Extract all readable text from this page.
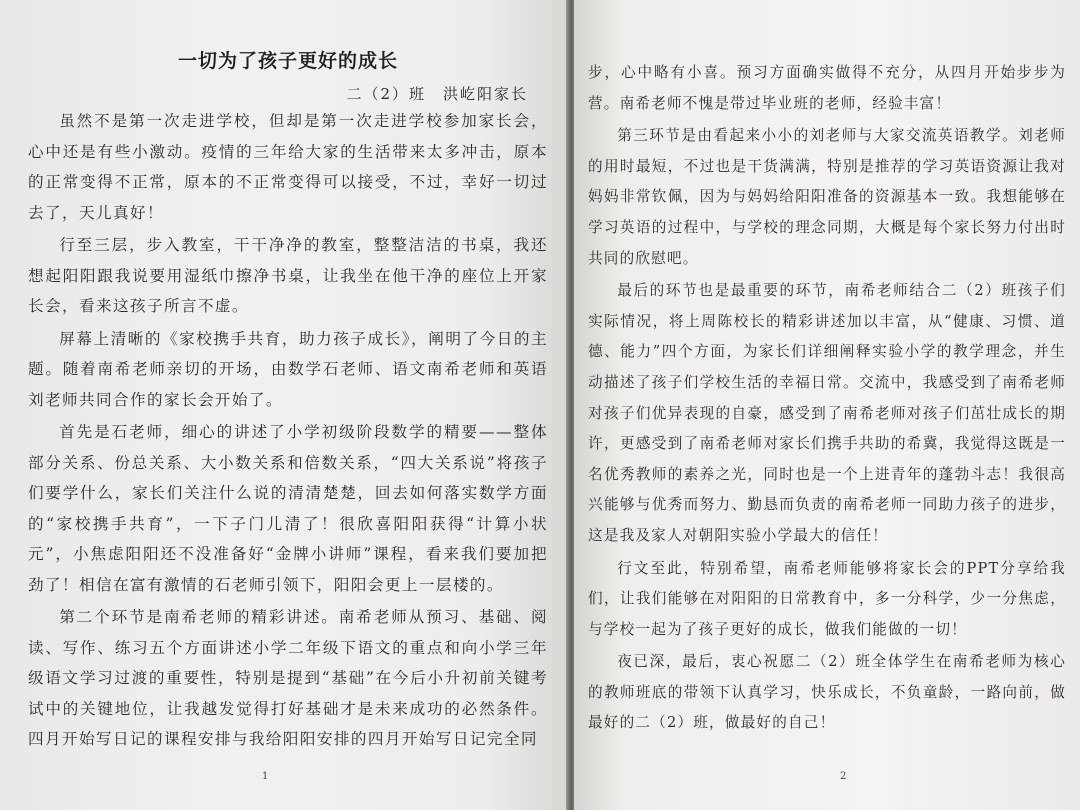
一切为了孩子更好的成长
二（2）班　洪屹阳家长

虽然不是第一次走进学校，但却是第一次走进学校参加家长会，心中还是有些小激动。疫情的三年给大家的生活带来太多冲击，原本的正常变得不正常，原本的不正常变得可以接受，不过，幸好一切过去了，天儿真好！

行至三层，步入教室，干干净净的教室，整整洁洁的书桌，我还想起阳阳跟我说要用湿纸巾擦净书桌，让我坐在他干净的座位上开家长会，看来这孩子所言不虚。

屏幕上清晰的《家校携手共育，助力孩子成长》，阐明了今日的主题。随着南希老师亲切的开场，由数学石老师、语文南希老师和英语刘老师共同合作的家长会开始了。

首先是石老师，细心的讲述了小学初级阶段数学的精要——整体部分关系、份总关系、大小数关系和倍数关系，“四大关系说”将孩子们要学什么，家长们关注什么说的清清楚楚，回去如何落实数学方面的“家校携手共育”，一下子门儿清了！很欣喜阳阳获得“计算小状元”，小焦虑阳阳还不没准备好“金牌小讲师”课程，看来我们要加把劲了！相信在富有激情的石老师引领下，阳阳会更上一层楼的。

第二个环节是南希老师的精彩讲述。南希老师从预习、基础、阅读、写作、练习五个方面讲述小学二年级下语文的重点和向小学三年级语文学习过渡的重要性，特别是提到“基础”在今后小升初前关键考试中的关键地位，让我越发觉得打好基础才是未来成功的必然条件。四月开始写日记的课程安排与我给阳阳安排的四月开始写日记完全同

1

步，心中略有小喜。预习方面确实做得不充分，从四月开始步步为营。南希老师不愧是带过毕业班的老师，经验丰富！

第三环节是由看起来小小的刘老师与大家交流英语教学。刘老师的用时最短，不过也是干货满满，特别是推荐的学习英语资源让我对妈妈非常钦佩，因为与妈妈给阳阳准备的资源基本一致。我想能够在学习英语的过程中，与学校的理念同期，大概是每个家长努力付出时共同的欣慰吧。

最后的环节也是最重要的环节，南希老师结合二（2）班孩子们实际情况，将上周陈校长的精彩讲述加以丰富，从“健康、习惯、道德、能力”四个方面，为家长们详细阐释实验小学的教学理念，并生动描述了孩子们学校生活的幸福日常。交流中，我感受到了南希老师对孩子们优异表现的自豪，感受到了南希老师对孩子们茁壮成长的期许，更感受到了南希老师对家长们携手共助的希冀，我觉得这既是一名优秀教师的素养之光，同时也是一个上进青年的蓬勃斗志！我很高兴能够与优秀而努力、勤恳而负责的南希老师一同助力孩子的进步，这是我及家人对朝阳实验小学最大的信任！

行文至此，特别希望，南希老师能够将家长会的PPT分享给我们，让我们能够在对阳阳的日常教育中，多一分科学，少一分焦虑，与学校一起为了孩子更好的成长，做我们能做的一切！

夜已深，最后，衷心祝愿二（2）班全体学生在南希老师为核心的教师班底的带领下认真学习，快乐成长，不负童龄，一路向前，做最好的二（2）班，做最好的自己！

2
